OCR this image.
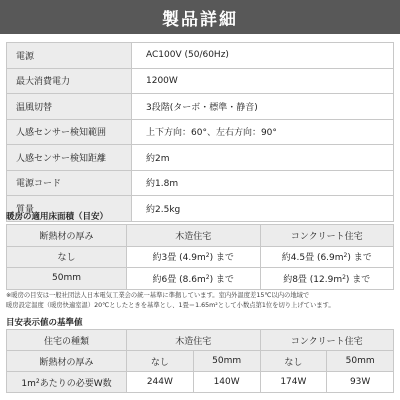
製品詳細
電源	AC100V (50/60Hz)
最大消費電力	1200W
温風切替	3段階(ターボ・標準・静音)
人感センサー検知範囲	上下方向：60°、左右方向：90°
人感センサー検知距離	約2m
電源コード	約1.8m
質量	約2.5kg
暖房の適用床面積（目安）
断熱材の厚み	木造住宅	コンクリート住宅
なし	約3畳 $(4.9m^2)$ まで	約4.5畳 $(6.9m^2)$ まで
50mm	約6畳 $(8.6m^2)$ まで	約8畳 $(12.9m^2)$ まで
※暖房の目安は一般社団法人日本電気工業会の統一基準に準拠しています。室内外温度差15℃以内の地域で
暖房設定温度（暖房快適室温）20℃としたときを基準とし、1畳＝1.65m²として小数点第1位を切り上げています。
目安表示値の基準値
住宅の種類	木造住宅		コンクリート住宅	
断熱材の厚み	なし	50mm	なし	50mm
$1m^2$あたりの必要W数	244W	140W	174W	93W
